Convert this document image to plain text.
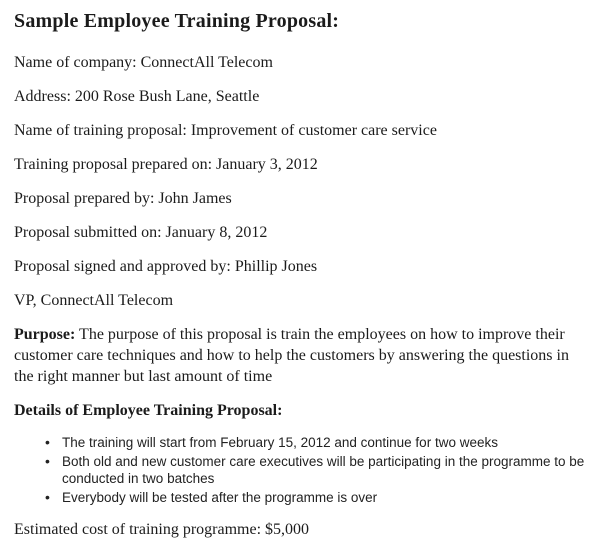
Sample Employee Training Proposal:

Name of company: ConnectAll Telecom

Address: 200 Rose Bush Lane, Seattle

Name of training proposal: Improvement of customer care service

Training proposal prepared on: January 3, 2012

Proposal prepared by: John James

Proposal submitted on: January 8, 2012

Proposal signed and approved by: Phillip Jones

VP, ConnectAll Telecom

Purpose: The purpose of this proposal is train the employees on how to improve their customer care techniques and how to help the customers by answering the questions in the right manner but last amount of time

Details of Employee Training Proposal:

• The training will start from February 15, 2012 and continue for two weeks
• Both old and new customer care executives will be participating in the programme to be conducted in two batches
• Everybody will be tested after the programme is over

Estimated cost of training programme: $5,000
